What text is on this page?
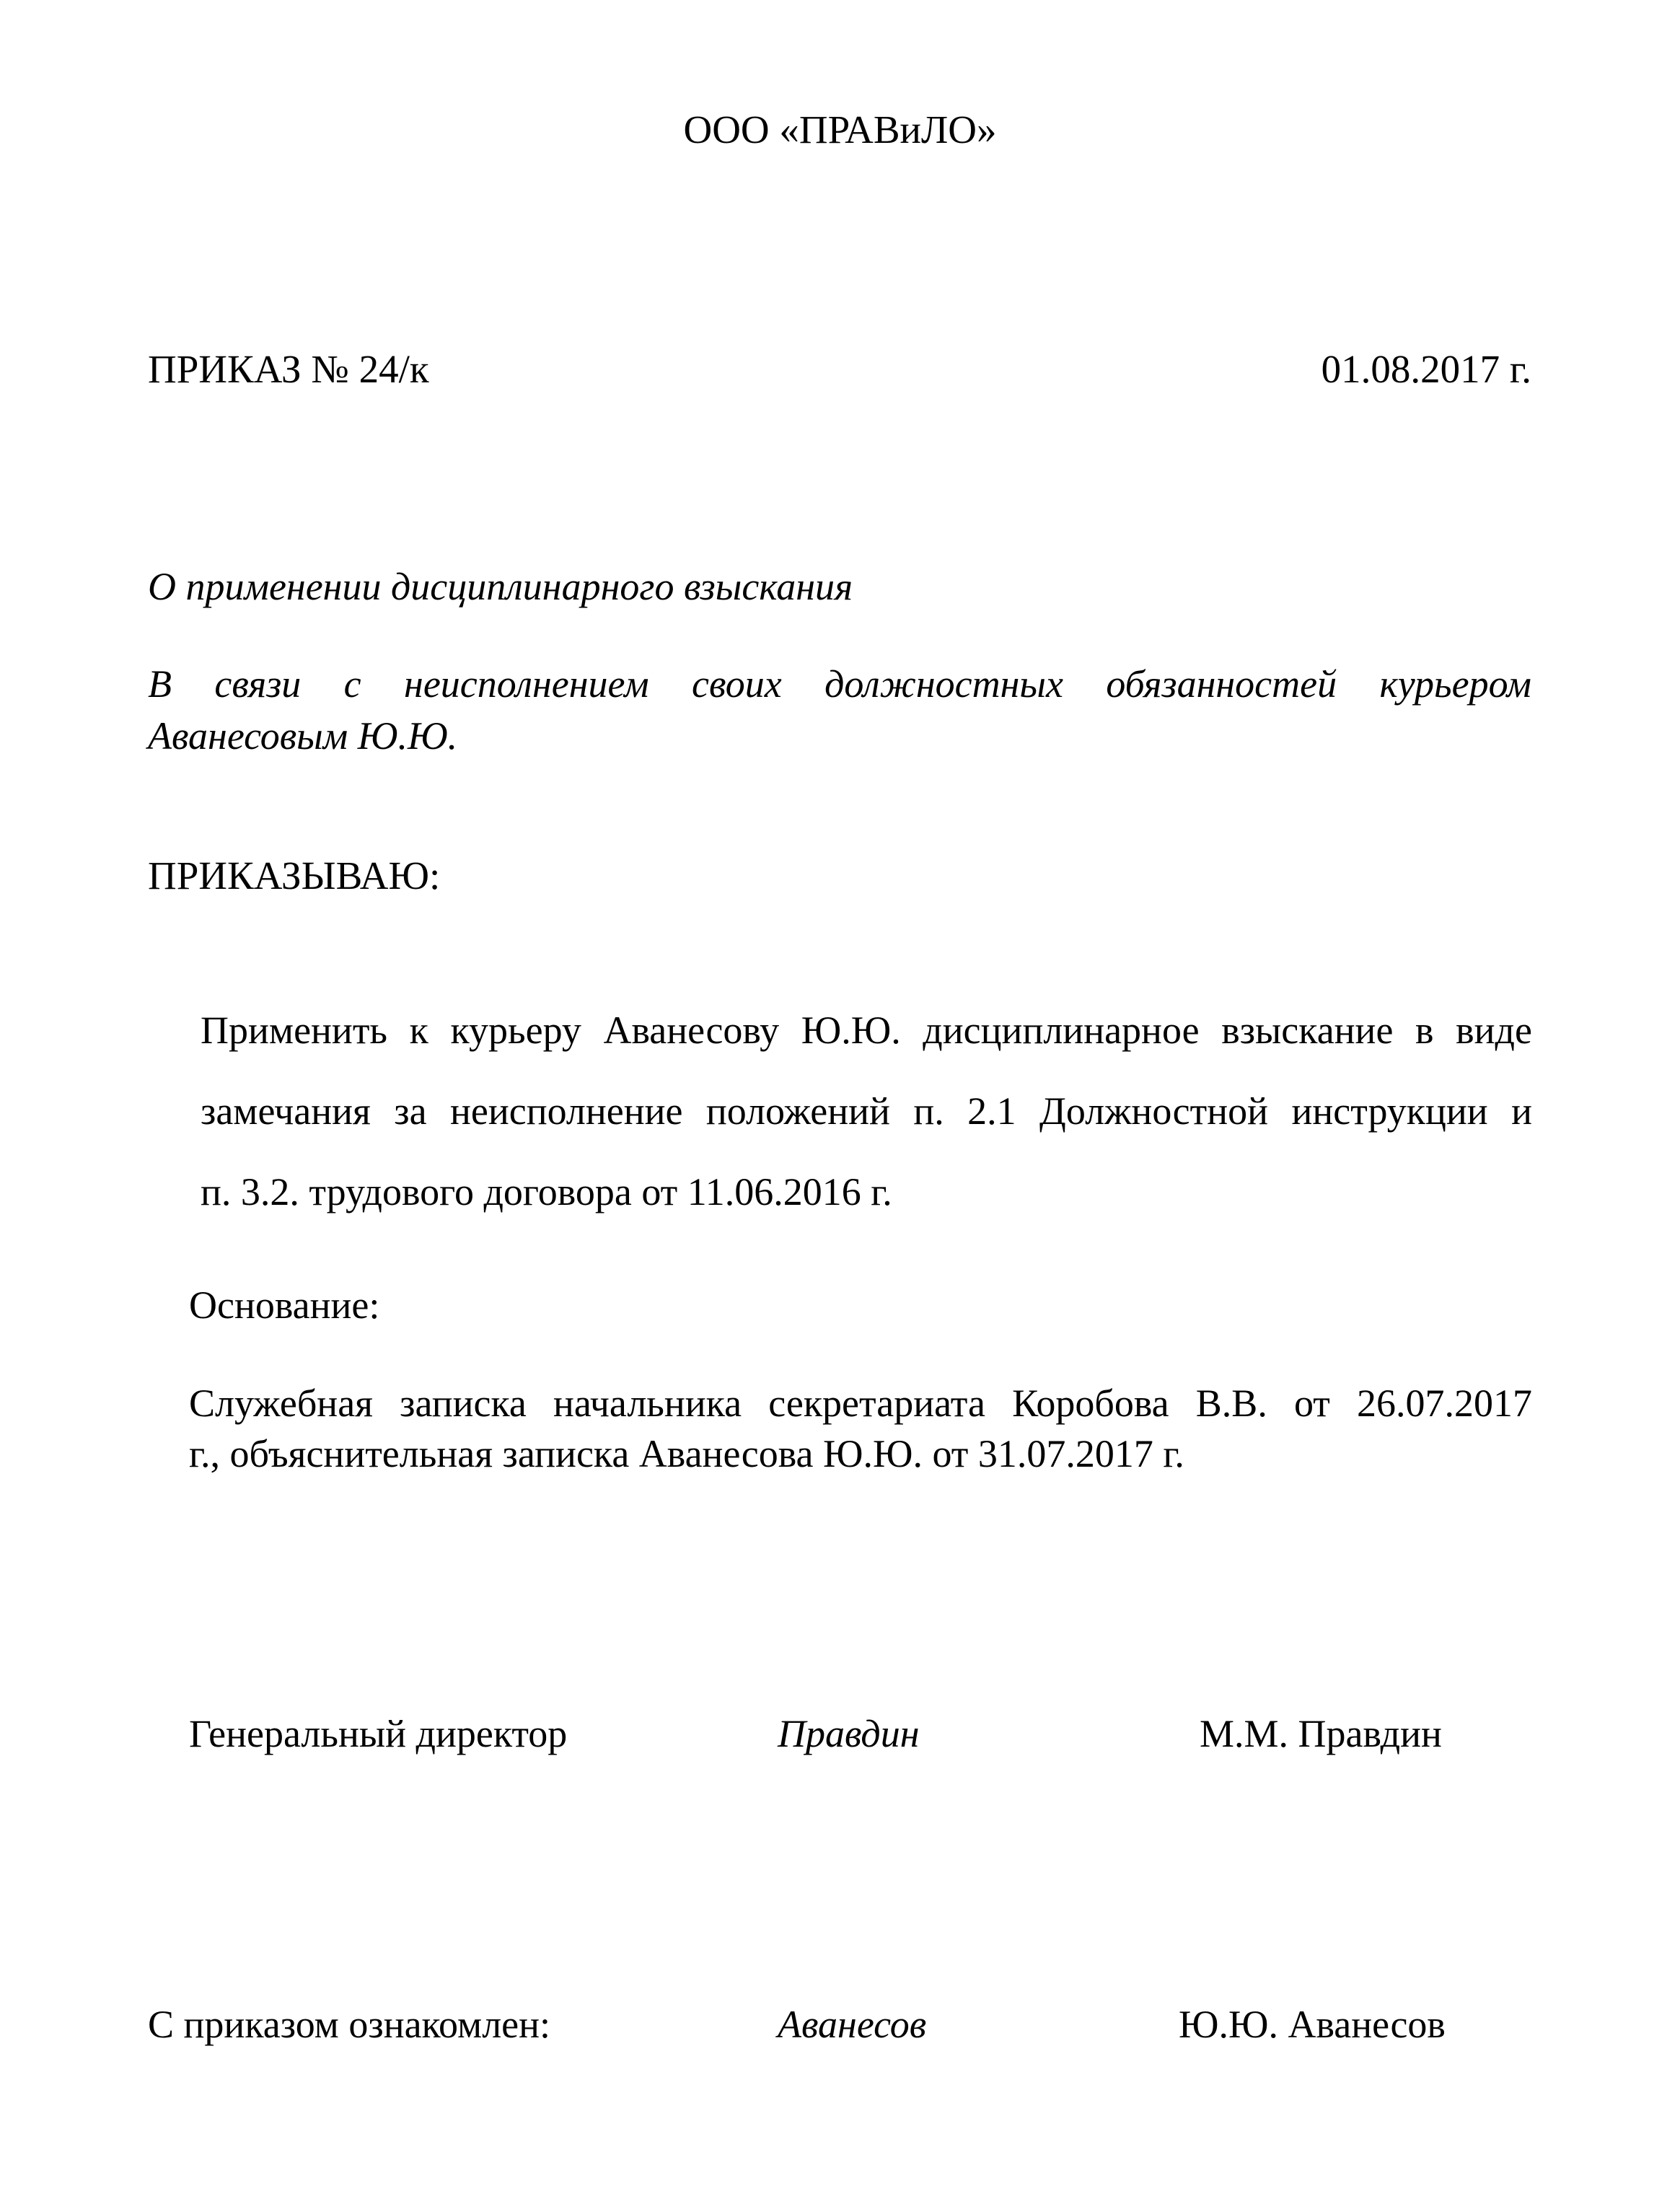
ООО «ПРАВиЛО»
ПРИКАЗ № 24/к	01.08.2017 г.
О применении дисциплинарного взыскания
В связи с неисполнением своих должностных обязанностей курьером
Аванесовым Ю.Ю.
ПРИКАЗЫВАЮ:
Применить к курьеру Аванесову Ю.Ю. дисциплинарное взыскание в виде
замечания за неисполнение положений п. 2.1 Должностной инструкции и
п. 3.2. трудового договора от 11.06.2016 г.
Основание:
Служебная записка начальника секретариата Коробова В.В. от 26.07.2017
г., объяснительная записка Аванесова Ю.Ю. от 31.07.2017 г.
Генеральный директор	Правдин	М.М. Правдин
С приказом ознакомлен:	Аванесов	Ю.Ю. Аванесов
